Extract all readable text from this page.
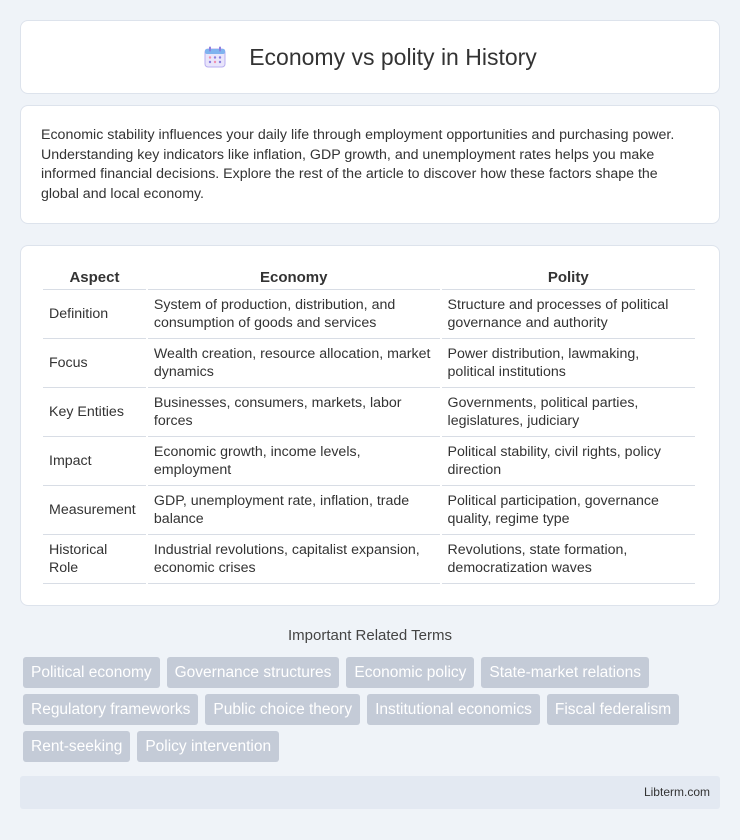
Economy vs polity in History

Economic stability influences your daily life through employment opportunities and purchasing power. Understanding key indicators like inflation, GDP growth, and unemployment rates helps you make informed financial decisions. Explore the rest of the article to discover how these factors shape the global and local economy.

Aspect	Economy	Polity
Definition	System of production, distribution, and consumption of goods and services	Structure and processes of political governance and authority
Focus	Wealth creation, resource allocation, market dynamics	Power distribution, lawmaking, political institutions
Key Entities	Businesses, consumers, markets, labor forces	Governments, political parties, legislatures, judiciary
Impact	Economic growth, income levels, employment	Political stability, civil rights, policy direction
Measurement	GDP, unemployment rate, inflation, trade balance	Political participation, governance quality, regime type
Historical Role	Industrial revolutions, capitalist expansion, economic crises	Revolutions, state formation, democratization waves
Important Related Terms
Political economy	Governance structures	Economic policy	State-market relations
Regulatory frameworks	Public choice theory	Institutional economics	Fiscal federalism
Rent-seeking	Policy intervention
Libterm.com
